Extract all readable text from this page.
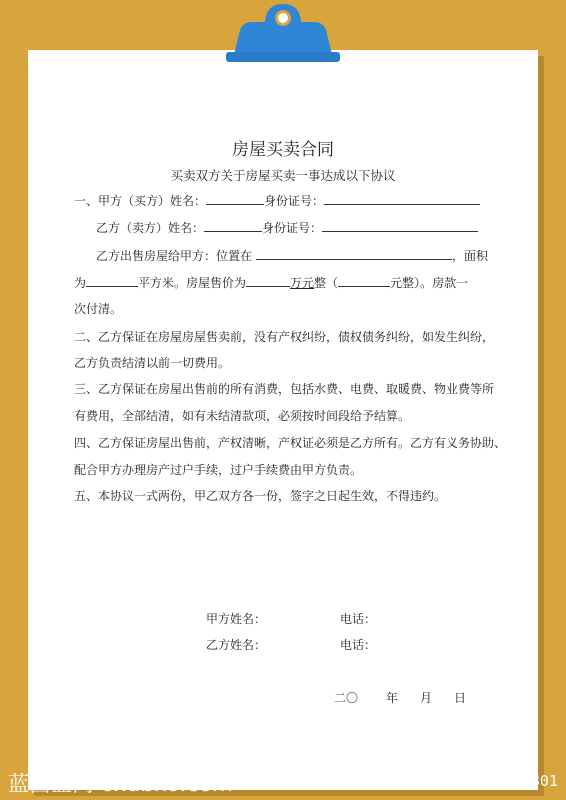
房屋买卖合同
买卖双方关于房屋买卖一事达成以下协议
一、甲方（买方）姓名：	身份证号：
乙方（卖方）姓名：	身份证号：
乙方出售房屋给甲方：位置在	，面积
为	平方米。房屋售价为	万元整（	元整）。房款一
次付清。
二、乙方保证在房屋房屋售卖前，没有产权纠纷，债权债务纠纷，如发生纠纷，
乙方负责结清以前一切费用。
三、乙方保证在房屋出售前的所有消费，包括水费、电费、取暖费、物业费等所
有费用，全部结清，如有未结清款项，必须按时间段给予结算。
四、乙方保证房屋出售前，产权清晰，产权证必须是乙方所有。乙方有义务协助、
配合甲方办理房产过户手续，过户手续费由甲方负责。
五、本协议一式两份，甲乙双方各一份，签字之日起生效，不得违约。
甲方姓名：	电话：
乙方姓名：	电话：
二〇 年 月 日
蓝图蓝网 oxdbxo.com	NO:20220923145801
